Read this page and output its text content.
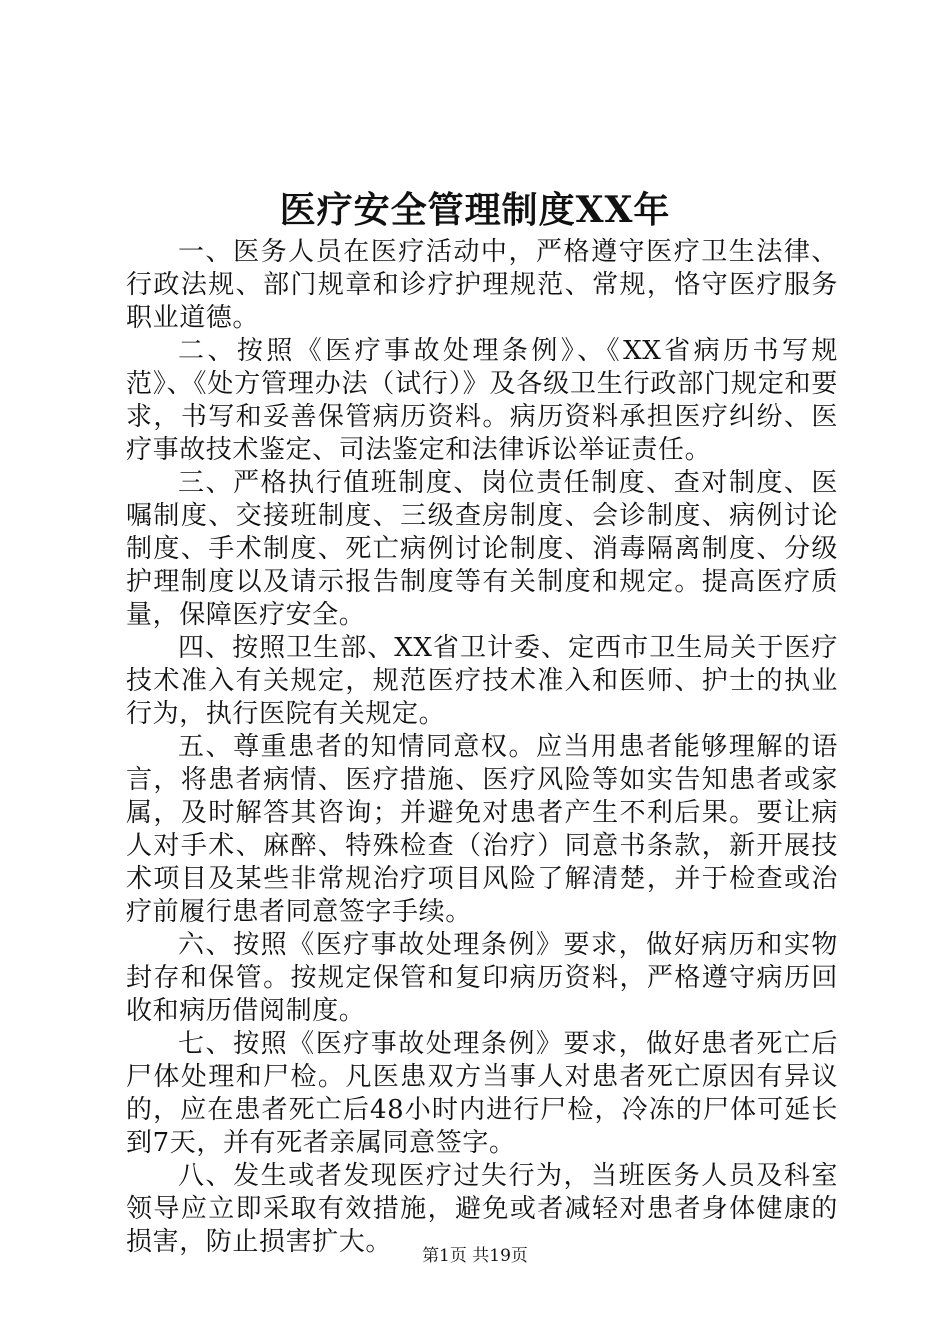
医疗安全管理制度XX年

一、医务人员在医疗活动中，严格遵守医疗卫生法律、行政法规、部门规章和诊疗护理规范、常规，恪守医疗服务职业道德。

二、按照《医疗事故处理条例》、《XX省病历书写规范》、《处方管理办法（试行）》及各级卫生行政部门规定和要求，书写和妥善保管病历资料。病历资料承担医疗纠纷、医疗事故技术鉴定、司法鉴定和法律诉讼举证责任。

三、严格执行值班制度、岗位责任制度、查对制度、医嘱制度、交接班制度、三级查房制度、会诊制度、病例讨论制度、手术制度、死亡病例讨论制度、消毒隔离制度、分级护理制度以及请示报告制度等有关制度和规定。提高医疗质量，保障医疗安全。

四、按照卫生部、XX省卫计委、定西市卫生局关于医疗技术准入有关规定，规范医疗技术准入和医师、护士的执业行为，执行医院有关规定。

五、尊重患者的知情同意权。应当用患者能够理解的语言，将患者病情、医疗措施、医疗风险等如实告知患者或家属，及时解答其咨询；并避免对患者产生不利后果。要让病人对手术、麻醉、特殊检查（治疗）同意书条款，新开展技术项目及某些非常规治疗项目风险了解清楚，并于检查或治疗前履行患者同意签字手续。

六、按照《医疗事故处理条例》要求，做好病历和实物封存和保管。按规定保管和复印病历资料，严格遵守病历回收和病历借阅制度。

七、按照《医疗事故处理条例》要求，做好患者死亡后尸体处理和尸检。凡医患双方当事人对患者死亡原因有异议的，应在患者死亡后48小时内进行尸检，冷冻的尸体可延长到7天，并有死者亲属同意签字。

八、发生或者发现医疗过失行为，当班医务人员及科室领导应立即采取有效措施，避免或者减轻对患者身体健康的损害，防止损害扩大。	第1页 共19页
